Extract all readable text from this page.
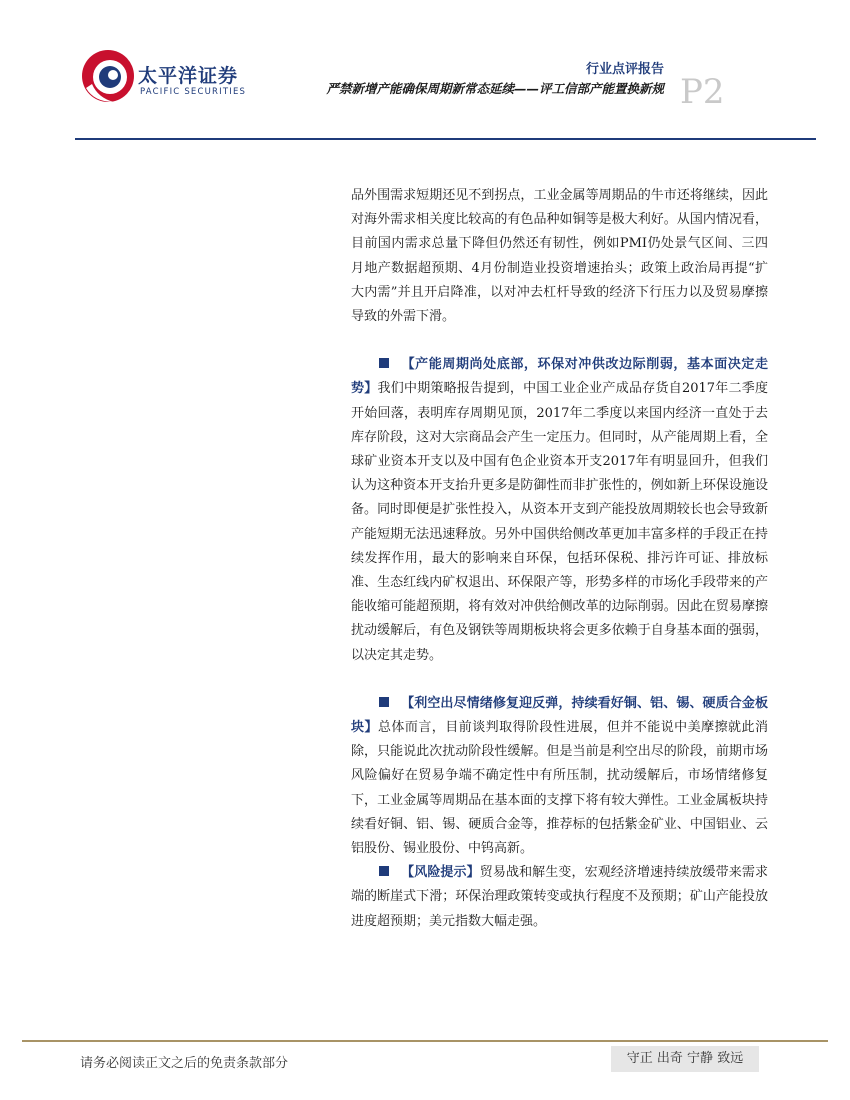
太平洋证券
PACIFIC SECURITIES
行业点评报告
严禁新增产能确保周期新常态延续——评工信部产能置换新规 P2

品外围需求短期还见不到拐点，工业金属等周期品的牛市还将继续，因此对海外需求相关度比较高的有色品种如铜等是极大利好。从国内情况看，目前国内需求总量下降但仍然还有韧性，例如PMI仍处景气区间、三四月地产数据超预期、4月份制造业投资增速抬头；政策上政治局再提“扩大内需”并且开启降准，以对冲去杠杆导致的经济下行压力以及贸易摩擦导致的外需下滑。

【产能周期尚处底部，环保对冲供改边际削弱，基本面决定走势】我们中期策略报告提到，中国工业企业产成品存货自2017年二季度开始回落，表明库存周期见顶，2017年二季度以来国内经济一直处于去库存阶段，这对大宗商品会产生一定压力。但同时，从产能周期上看，全球矿业资本开支以及中国有色企业资本开支2017年有明显回升，但我们认为这种资本开支抬升更多是防御性而非扩张性的，例如新上环保设施设备。同时即便是扩张性投入，从资本开支到产能投放周期较长也会导致新产能短期无法迅速释放。另外中国供给侧改革更加丰富多样的手段正在持续发挥作用，最大的影响来自环保，包括环保税、排污许可证、排放标准、生态红线内矿权退出、环保限产等，形势多样的市场化手段带来的产能收缩可能超预期，将有效对冲供给侧改革的边际削弱。因此在贸易摩擦扰动缓解后，有色及钢铁等周期板块将会更多依赖于自身基本面的强弱，以决定其走势。

【利空出尽情绪修复迎反弹，持续看好铜、铝、锡、硬质合金板块】总体而言，目前谈判取得阶段性进展，但并不能说中美摩擦就此消除，只能说此次扰动阶段性缓解。但是当前是利空出尽的阶段，前期市场风险偏好在贸易争端不确定性中有所压制，扰动缓解后，市场情绪修复下，工业金属等周期品在基本面的支撑下将有较大弹性。工业金属板块持续看好铜、铝、锡、硬质合金等，推荐标的包括紫金矿业、中国铝业、云铝股份、锡业股份、中钨高新。

【风险提示】贸易战和解生变，宏观经济增速持续放缓带来需求端的断崖式下滑；环保治理政策转变或执行程度不及预期；矿山产能投放进度超预期；美元指数大幅走强。

请务必阅读正文之后的免责条款部分	守正 出奇 宁静 致远
